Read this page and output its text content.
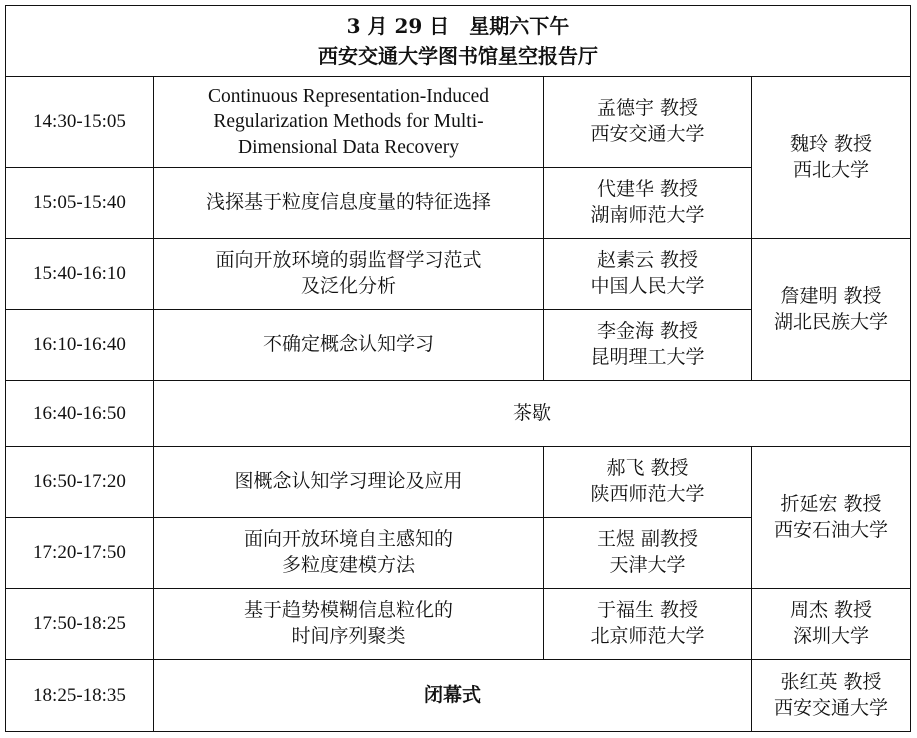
3 月 29 日　星期六下午
西安交通大学图书馆星空报告厅			

14:30-15:05	Continuous Representation-Induced
Regularization Methods for Multi-
Dimensional Data Recovery	孟德宇 教授
西安交通大学	魏玲 教授
西北大学

15:05-15:40	浅探基于粒度信息度量的特征选择	代建华 教授
湖南师范大学	

15:40-16:10	面向开放环境的弱监督学习范式
及泛化分析	赵素云 教授
中国人民大学	詹建明 教授
湖北民族大学

16:10-16:40	不确定概念认知学习	李金海 教授
昆明理工大学	

16:40-16:50	茶歇		
16:50-17:20	图概念认知学习理论及应用	郝飞 教授
陕西师范大学	折延宏 教授
西安石油大学

17:20-17:50	面向开放环境自主感知的
多粒度建模方法	王煜 副教授
天津大学	

17:50-18:25	基于趋势模糊信息粒化的
时间序列聚类	于福生 教授
北京师范大学	周杰 教授
深圳大学

18:25-18:35	闭幕式		张红英 教授
西安交通大学
